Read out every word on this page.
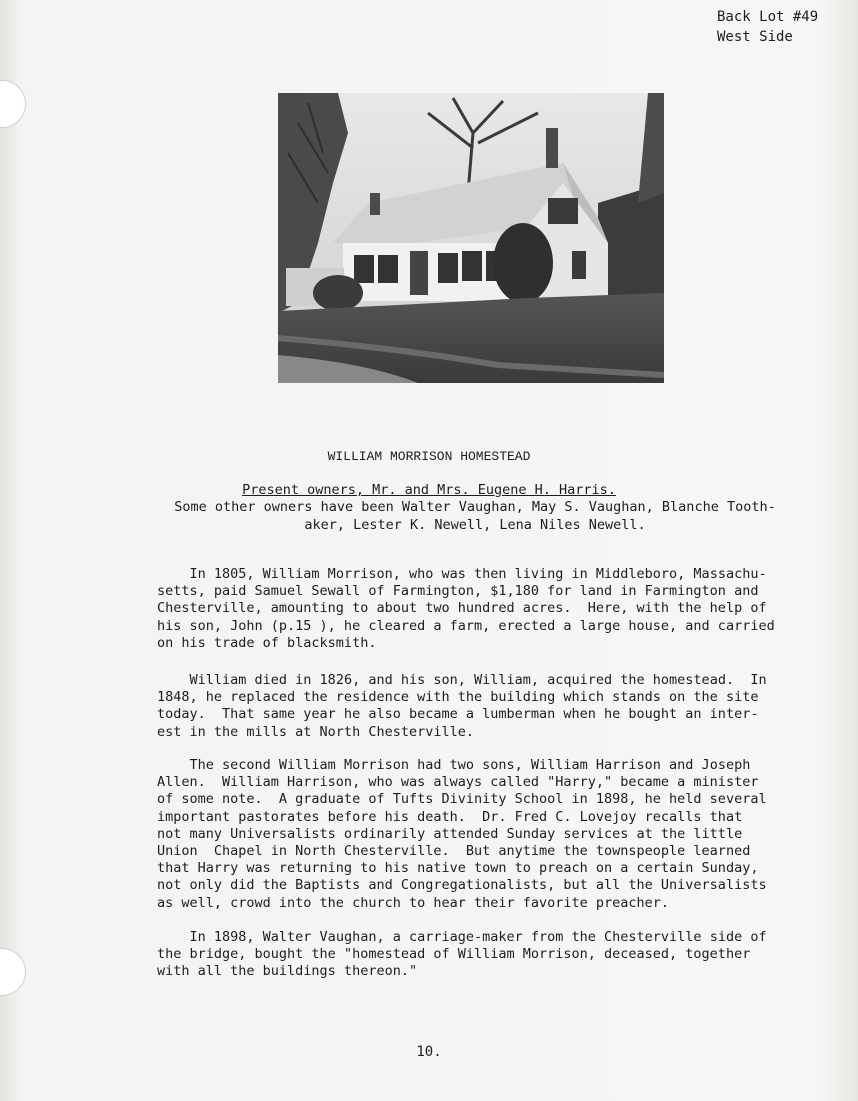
Back Lot #49
West Side
WILLIAM MORRISON HOMESTEAD
Present owners, Mr. and Mrs. Eugene H. Harris.
Some other owners have been Walter Vaughan, May S. Vaughan, Blanche Tooth-
aker, Lester K. Newell, Lena Niles Newell.

In 1805, William Morrison, who was then living in Middleboro, Massachu-
setts, paid Samuel Sewall of Farmington, $1,180 for land in Farmington and
Chesterville, amounting to about two hundred acres.  Here, with the help of
his son, John (p.15 ), he cleared a farm, erected a large house, and carried
on his trade of blacksmith.

William died in 1826, and his son, William, acquired the homestead.  In
1848, he replaced the residence with the building which stands on the site
today.  That same year he also became a lumberman when he bought an inter-
est in the mills at North Chesterville.

The second William Morrison had two sons, William Harrison and Joseph
Allen.  William Harrison, who was always called "Harry," became a minister
of some note.  A graduate of Tufts Divinity School in 1898, he held several
important pastorates before his death.  Dr. Fred C. Lovejoy recalls that
not many Universalists ordinarily attended Sunday services at the little
Union  Chapel in North Chesterville.  But anytime the townspeople learned
that Harry was returning to his native town to preach on a certain Sunday,
not only did the Baptists and Congregationalists, but all the Universalists
as well, crowd into the church to hear their favorite preacher.

In 1898, Walter Vaughan, a carriage-maker from the Chesterville side of
the bridge, bought the "homestead of William Morrison, deceased, together
with all the buildings thereon."

10.
